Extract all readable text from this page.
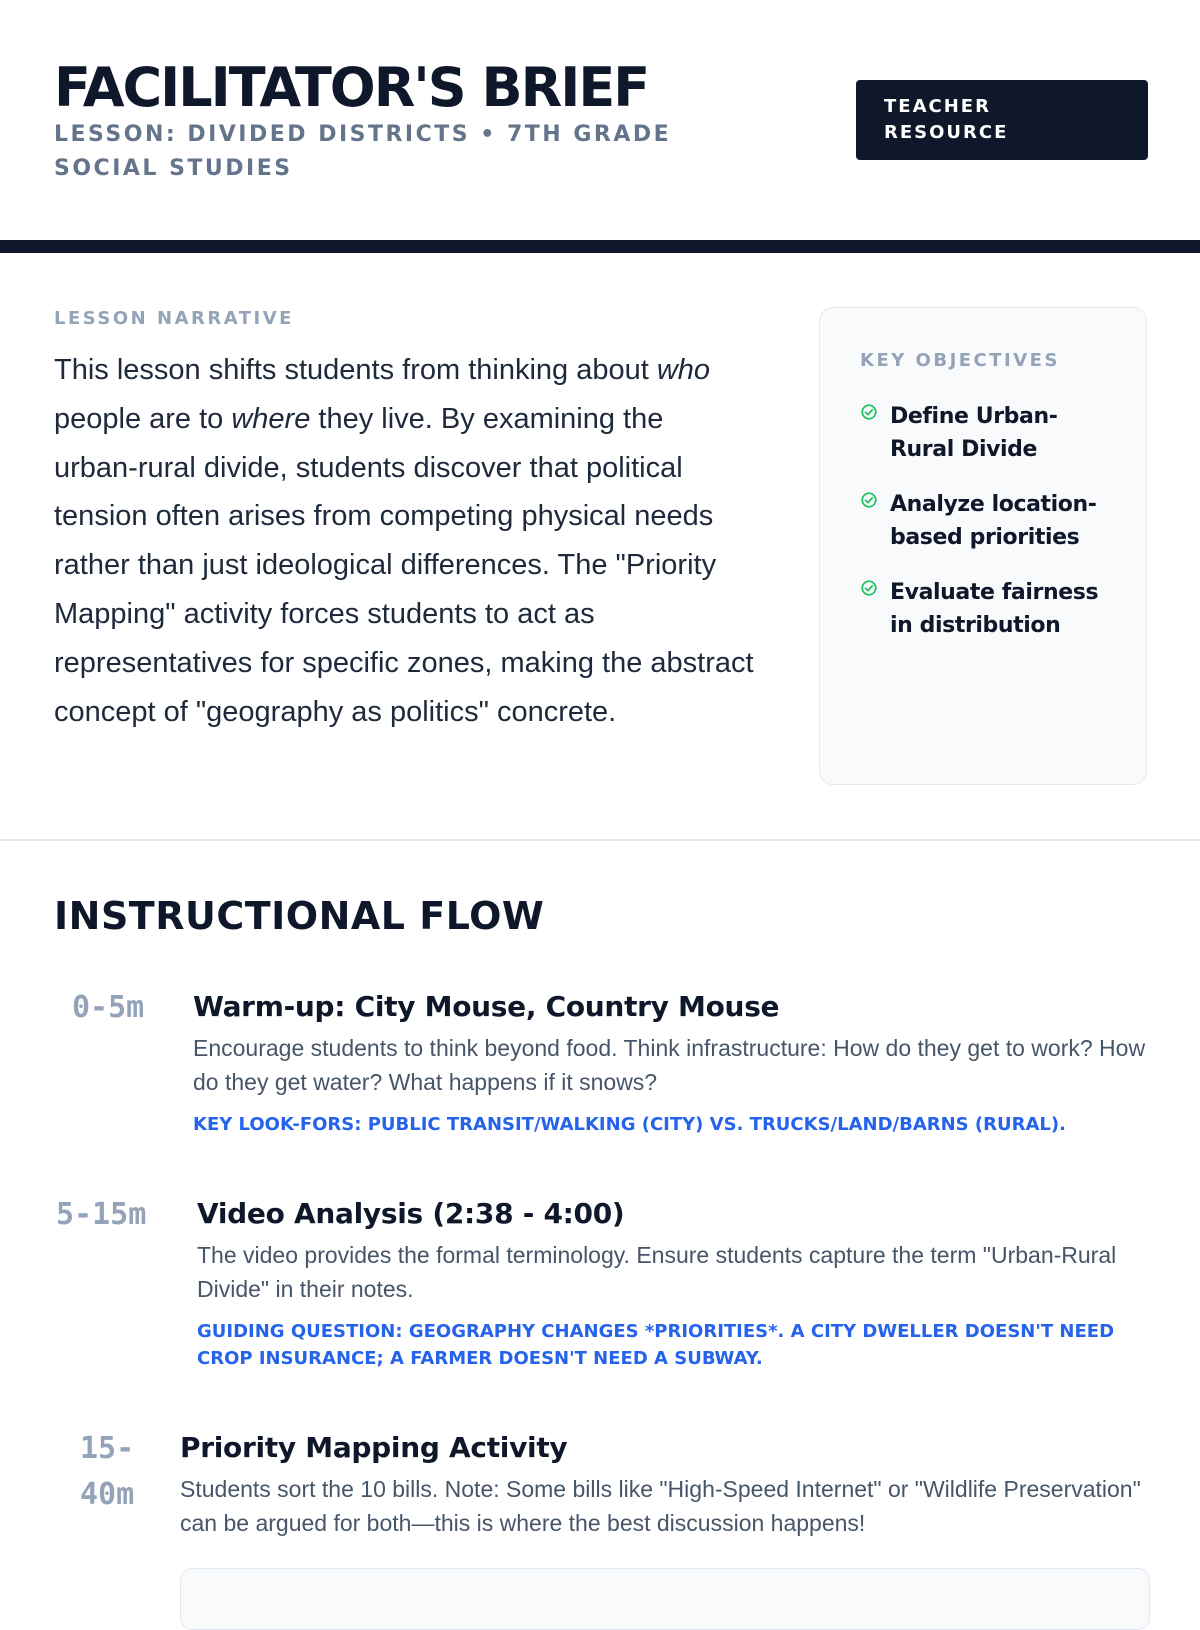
FACILITATOR'S BRIEF
LESSON: DIVIDED DISTRICTS • 7TH GRADE SOCIAL STUDIES
TEACHER RESOURCE
LESSON NARRATIVE

This lesson shifts students from thinking about who people are to where they live. By examining the urban-rural divide, students discover that political tension often arises from competing physical needs rather than just ideological differences. The "Priority Mapping" activity forces students to act as representatives for specific zones, making the abstract concept of "geography as politics" concrete.

KEY OBJECTIVES
Define Urban-Rural Divide
Analyze location-based priorities
Evaluate fairness in distribution
INSTRUCTIONAL FLOW
0-5m	Warm-up: City Mouse, Country Mouse

Encourage students to think beyond food. Think infrastructure: How do they get to work? How do they get water? What happens if it snows?

KEY LOOK-FORS: PUBLIC TRANSIT/WALKING (CITY) VS. TRUCKS/LAND/BARNS (RURAL).

5-15m	Video Analysis (2:38 - 4:00)

The video provides the formal terminology. Ensure students capture the term "Urban-Rural Divide" in their notes.

GUIDING QUESTION: GEOGRAPHY CHANGES *PRIORITIES*. A CITY DWELLER DOESN'T NEED CROP INSURANCE; A FARMER DOESN'T NEED A SUBWAY.

15-40m
Priority Mapping Activity

Students sort the 10 bills. Note: Some bills like "High-Speed Internet" or "Wildlife Preservation" can be argued for both—this is where the best discussion happens!
